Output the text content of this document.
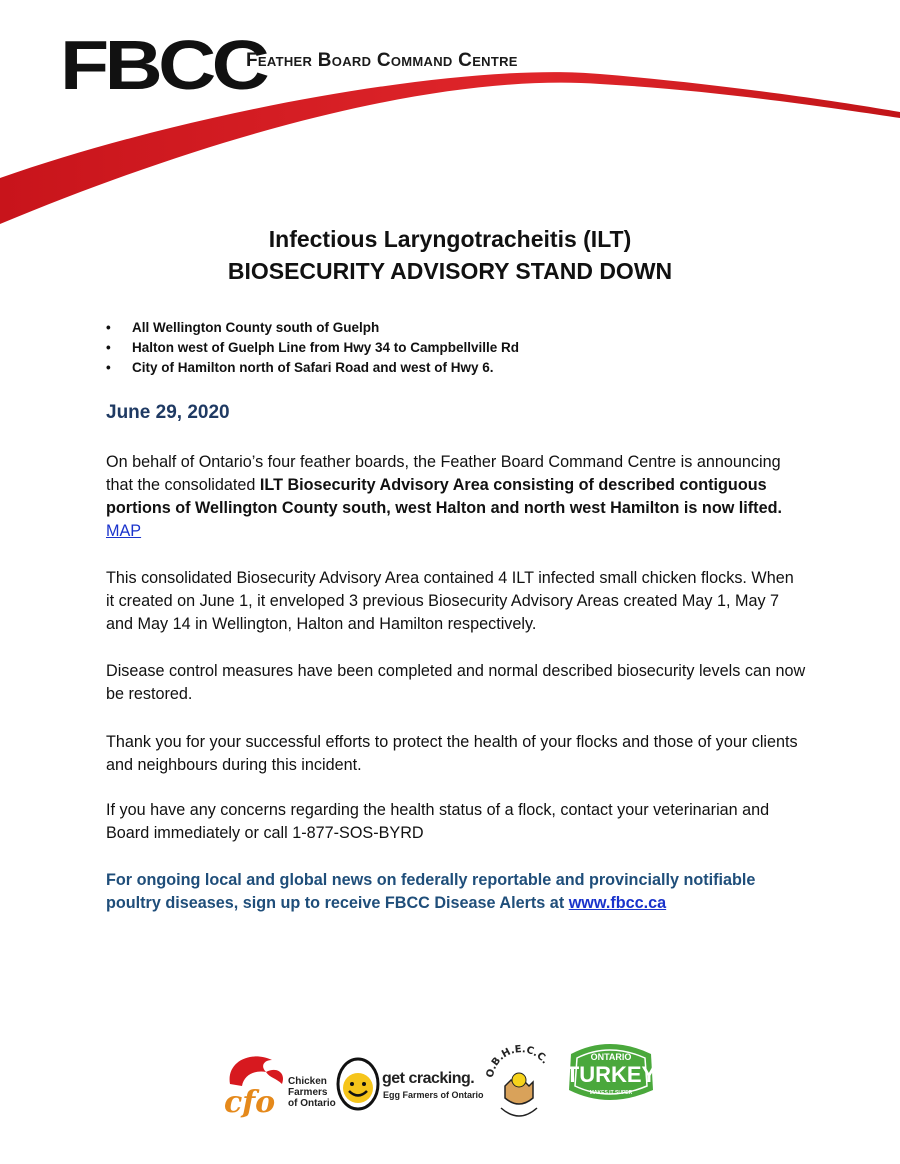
FBCC
Feather Board Command Centre
Infectious Laryngotracheitis (ILT)
BIOSECURITY ADVISORY STAND DOWN
• All Wellington County south of Guelph
• Halton west of Guelph Line from Hwy 34 to Campbellville Rd
• City of Hamilton north of Safari Road and west of Hwy 6.
June 29, 2020
On behalf of Ontario’s four feather boards, the Feather Board Command Centre is announcing that the consolidated ILT Biosecurity Advisory Area consisting of described contiguous portions of Wellington County south, west Halton and north west Hamilton is now lifted. MAP
This consolidated Biosecurity Advisory Area contained 4 ILT infected small chicken flocks. When it created on June 1, it enveloped 3 previous Biosecurity Advisory Areas created May 1, May 7 and May 14 in Wellington, Halton and Hamilton respectively.
Disease control measures have been completed and normal described biosecurity levels can now be restored.
Thank you for your successful efforts to protect the health of your flocks and those of your clients and neighbours during this incident.
If you have any concerns regarding the health status of a flock, contact your veterinarian and Board immediately or call 1-877-SOS-BYRD
For ongoing local and global news on federally reportable and provincially notifiable poultry diseases, sign up to receive FBCC Disease Alerts at www.fbcc.ca
cfo
Chicken
Farmers
of Ontario
get cracking.
Egg Farmers of Ontario
O.B.H.E.C.C.	ONTARIO
TURKEY
MAKES IT SUPER
